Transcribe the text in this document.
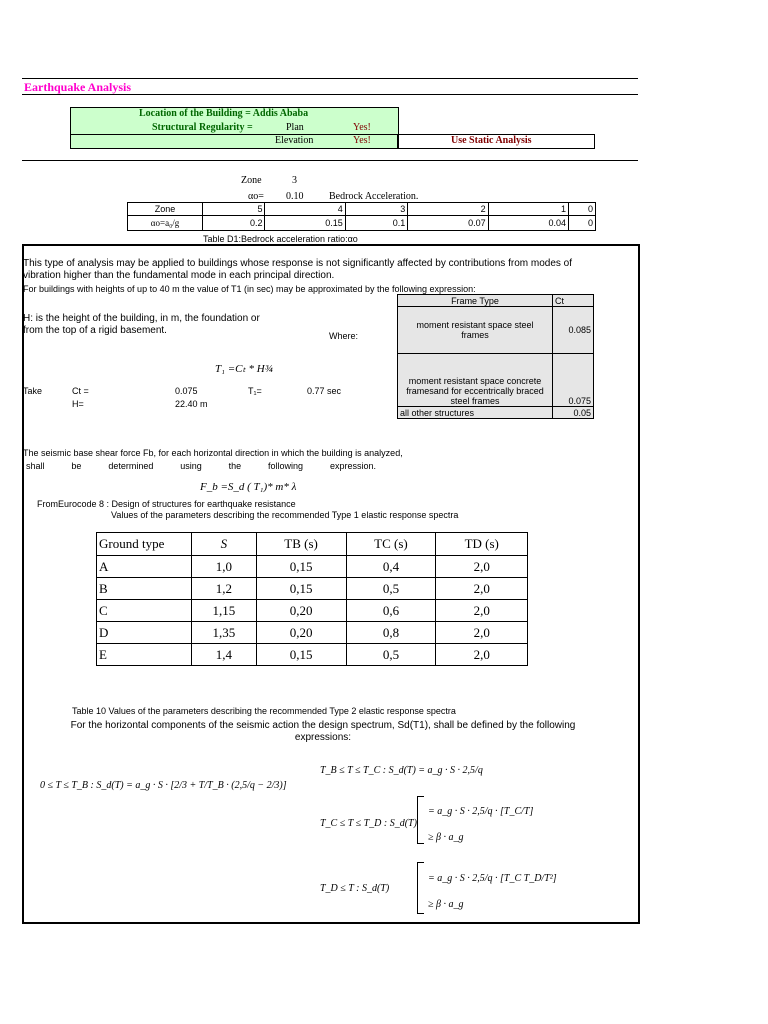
Earthquake Analysis
Location of the Building = Addis Ababa
Structural Regularity =	Plan	Yes!
Elevation	Yes!	Use Static Analysis
Zone	3
αo= 0.10	Bedrock Acceleration.
Zone	5	4	3	2	1	0
αo=a₀/g	0.2	0.15	0.1	0.07	0.04	0
Table D1:Bedrock acceleration ratio:αo
This type of analysis may be applied to buildings whose response is not significantly affected by contributions from modes of vibration higher than the fundamental mode in each principal direction.
For buildings with heights of up to 40 m the value of T1 (in sec) may be approximated by the following expression:
Frame Type	Ct
moment resistant space steel frames	0.085
moment resistant space concrete framesand for eccentrically braced steel frames	0.075
all other structures	0.05
H: is the height of the building, in m, the foundation or from the top of a rigid basement.	Where:
T₁ =Cₜ * H¾
Take	Ct =	0.075	T₁=	0.77 sec
H=	22.40 m
The seismic base shear force Fb, for each horizontal direction in which the building is analyzed,
shall	be	determined	using	the	following	expression.
F_b =S_d ( T₁)* m* λ
FromEurocode 8 : Design of structures for earthquake resistance
Values of the parameters describing the recommended Type 1 elastic response spectra
Ground type	S	TB (s)	TC (s)	TD (s)
A	1,0	0,15	0,4	2,0
B	1,2	0,15	0,5	2,0
C	1,15	0,20	0,6	2,0
D	1,35	0,20	0,8	2,0
E	1,4	0,15	0,5	2,0
Table 10 Values of the parameters describing the recommended Type 2 elastic response spectra
For the horizontal components of the seismic action the design spectrum, Sd(T1), shall be defined by the following
expressions:
0 ≤ T ≤ T_B : S_d(T) = a_g · S · [2/3 + T/T_B · (2,5/q − 2/3)]
T_B ≤ T ≤ T_C : S_d(T) = a_g · S · 2,5/q
T_C ≤ T ≤ T_D : S_d(T)
= a_g · S · 2,5/q · [T_C/T]
≥ β · a_g
T_D ≤ T : S_d(T)
= a_g · S · 2,5/q · [T_C T_D/T²]
≥ β · a_g
